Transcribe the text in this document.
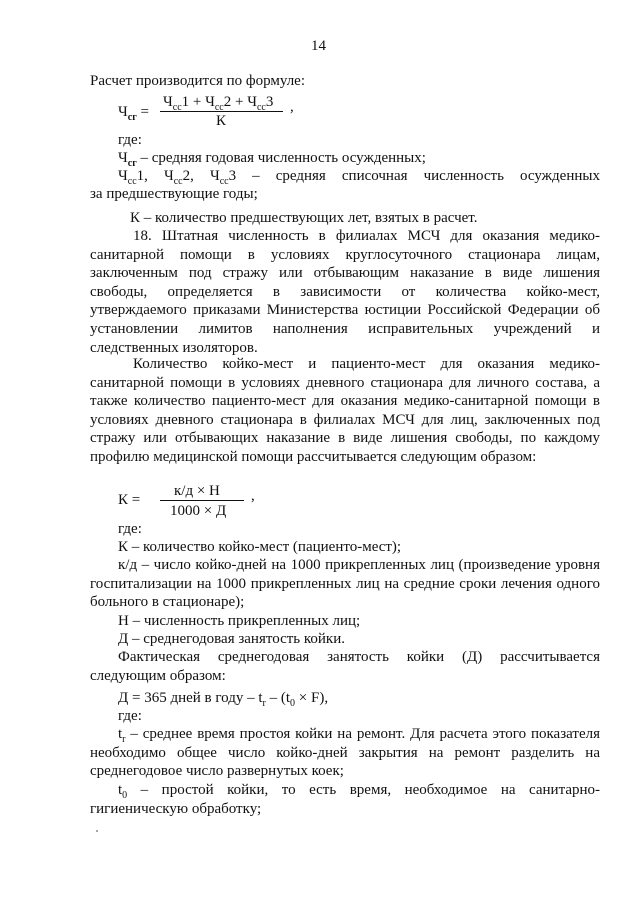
14
Расчет производится по формуле:
$Ч_{сг}$ =
$Ч_{сс}1 + Ч_{сс}2 + Ч_{сс}3$
К
,
где:
$Ч_{сг}$ – средняя годовая численность осужденных;
$Ч_{сс}1$, $Ч_{сс}2$, $Ч_{сс}3$ – средняя списочная численность осужденных
за предшествующие годы;
К – количество предшествующих лет, взятых в расчет.
18. Штатная численность в филиалах МСЧ для оказания медико-санитарной помощи в условиях круглосуточного стационара лицам, заключенным под стражу или отбывающим наказание в виде лишения свободы, определяется в зависимости от количества койко-мест, утверждаемого приказами Министерства юстиции Российской Федерации об установлении лимитов наполнения исправительных учреждений и следственных изоляторов.
Количество койко-мест и пациенто-мест для оказания медико-санитарной помощи в условиях дневного стационара для личного состава, а также количество пациенто-мест для оказания медико-санитарной помощи в условиях дневного стационара в филиалах МСЧ для лиц, заключенных под стражу или отбывающих наказание в виде лишения свободы, по каждому профилю медицинской помощи рассчитывается следующим образом:
К =
к/д × Н
1000 × Д
,
где:
К – количество койко-мест (пациенто-мест);
к/д – число койко-дней на 1000 прикрепленных лиц (произведение уровня госпитализации на 1000 прикрепленных лиц на средние сроки лечения одного больного в стационаре);
Н – численность прикрепленных лиц;
Д – среднегодовая занятость койки.
Фактическая среднегодовая занятость койки (Д) рассчитывается следующим образом:
Д = 365 дней в году – $t_r - (t_0 \times F)$,
где:
$t_r$ – среднее время простоя койки на ремонт. Для расчета этого показателя необходимо общее число койко-дней закрытия на ремонт разделить на среднегодовое число развернутых коек;
$t_0$ – простой койки, то есть время, необходимое на санитарно-гигиеническую обработку;
